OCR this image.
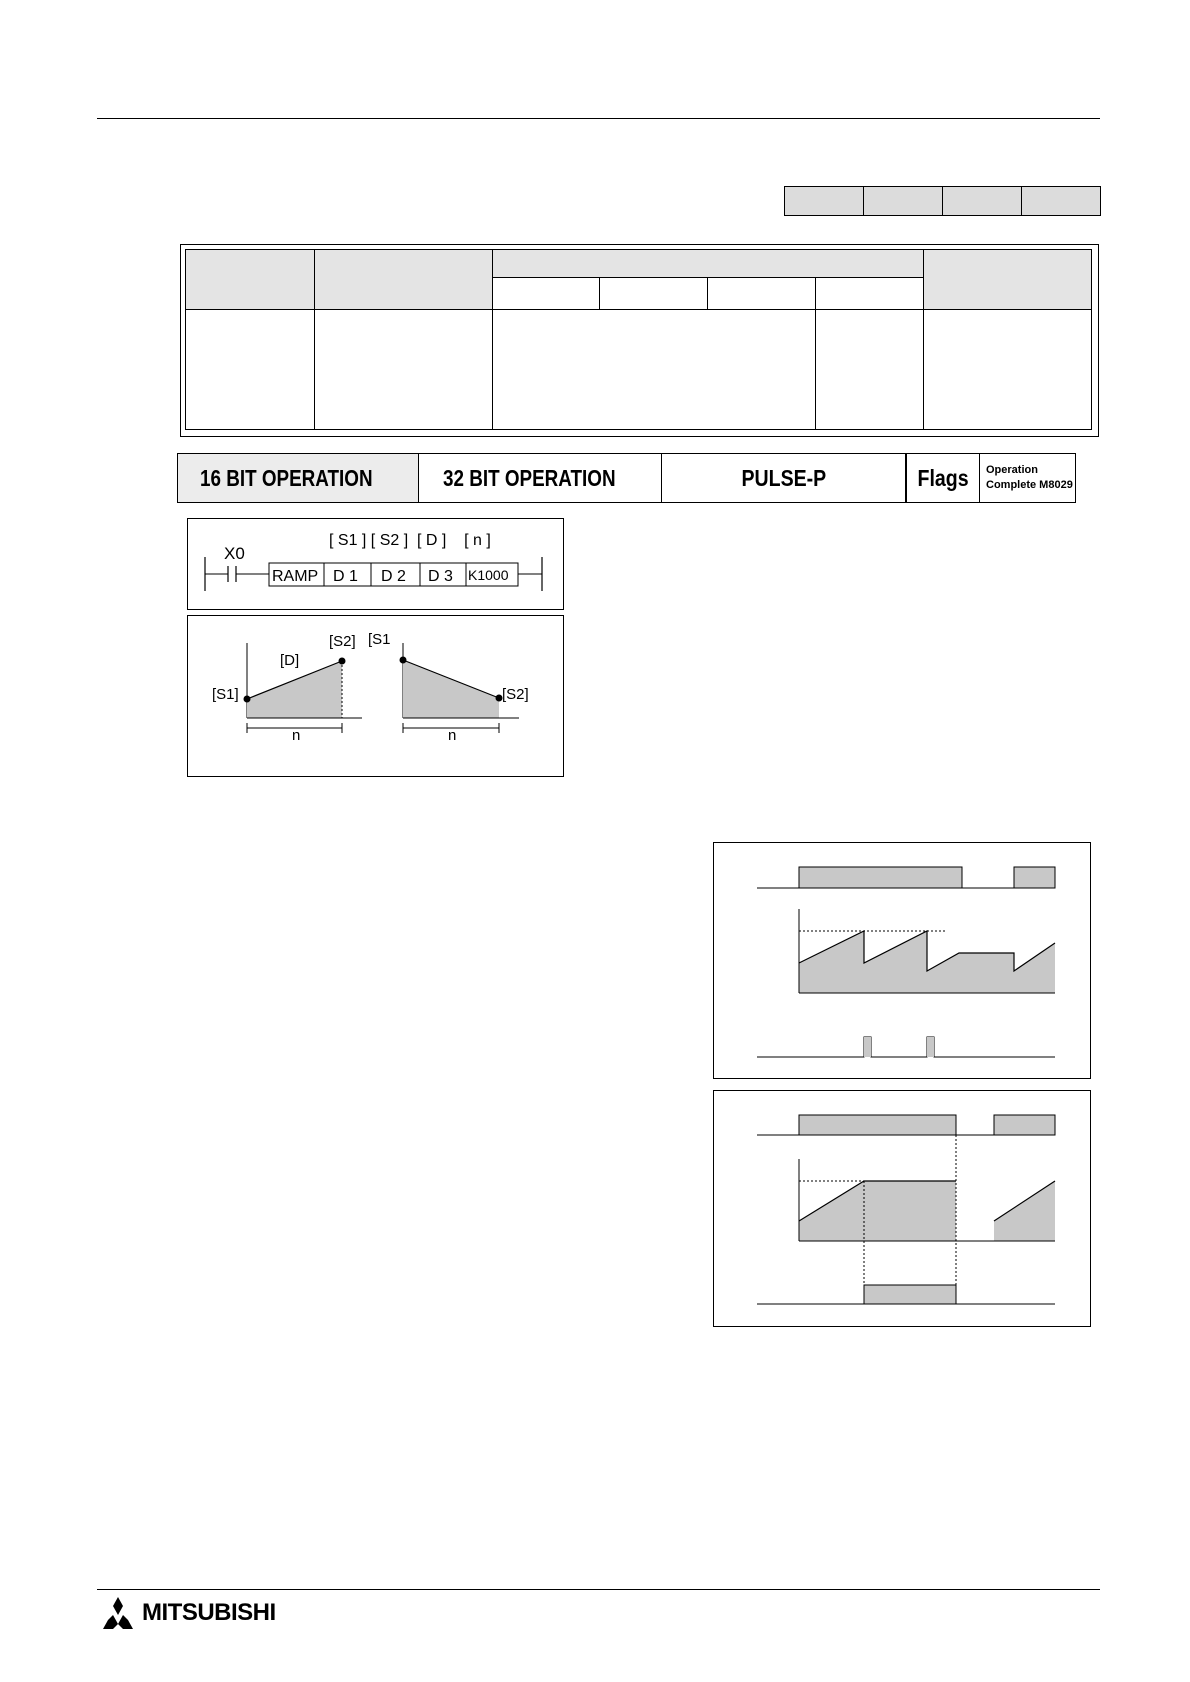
16 BIT OPERATION	32 BIT OPERATION	PULSE-P	Flags Operation
Complete M8029
X0
[ S1 ] [ S2 ]  [ D ]    [ n ]
RAMP D 1 D 2 D 3 K1000
[S2] [S1
[D]
[S1]	[S2]
n	n
MITSUBISHI
